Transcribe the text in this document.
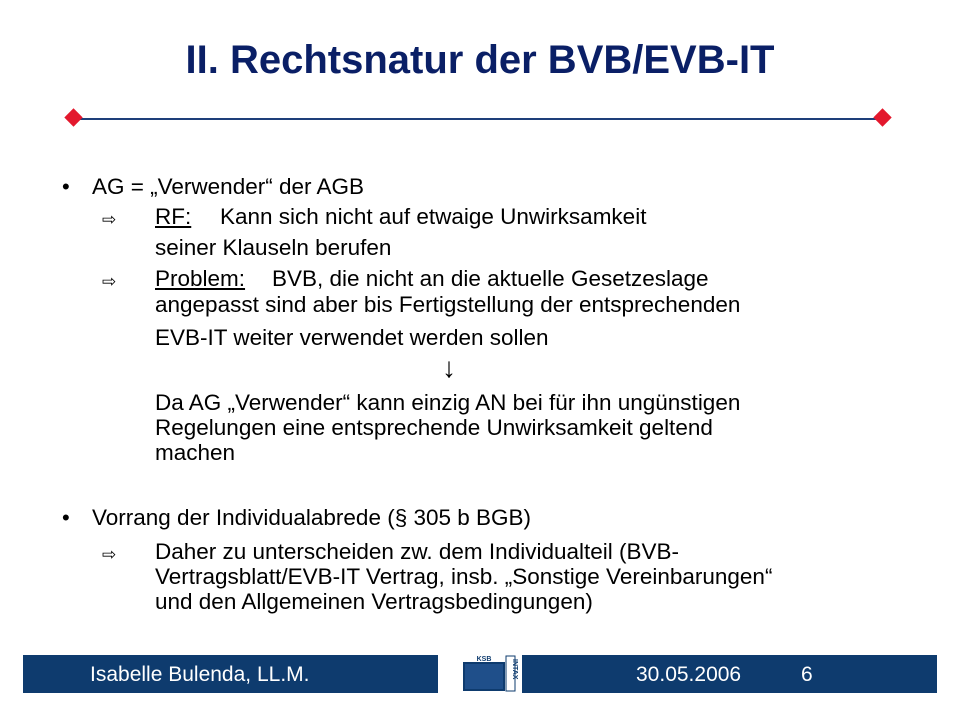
II. Rechtsnatur der BVB/EVB-IT
• AG = „Verwender“ der AGB
⇨ RF: Kann sich nicht auf etwaige Unwirksamkeit
seiner Klauseln berufen
⇨ Problem: BVB, die nicht an die aktuelle Gesetzeslage
angepasst sind aber bis Fertigstellung der entsprechenden
EVB-IT weiter verwendet werden sollen
↓
Da AG „Verwender“ kann einzig AN bei für ihn ungünstigen
Regelungen eine entsprechende Unwirksamkeit geltend
machen
• Vorrang der Individualabrede (§ 305 b BGB)
⇨ Daher zu unterscheiden zw. dem Individualteil (BVB-
Vertragsblatt/EVB-IT Vertrag, insb. „Sonstige Vereinbarungen“
und den Allgemeinen Vertragsbedingungen)
Isabelle Bulenda, LL.M.	30.05.2006	6
KSB	INTAX
